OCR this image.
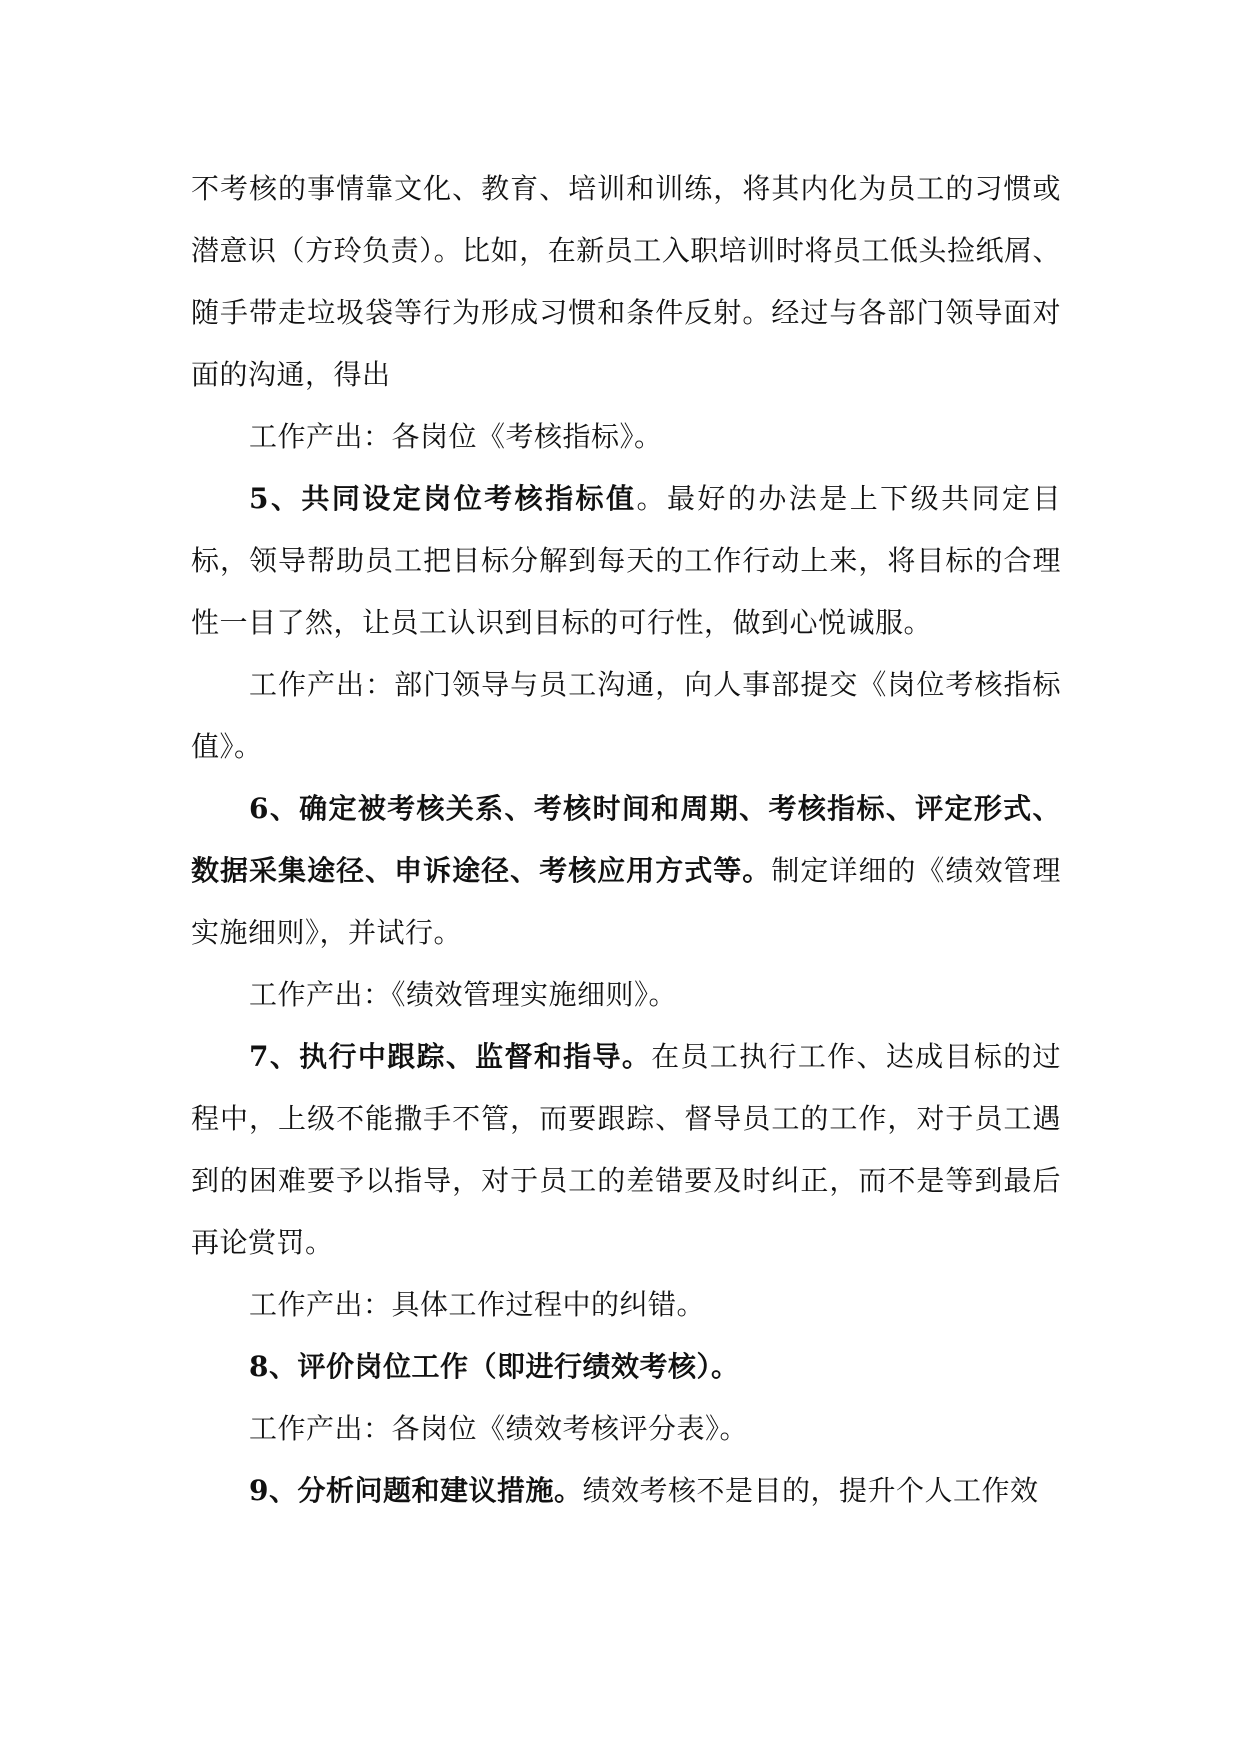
不考核的事情靠文化、教育、培训和训练，将其内化为员工的习惯或潜意识（方玲负责）。比如，在新员工入职培训时将员工低头捡纸屑、随手带走垃圾袋等行为形成习惯和条件反射。经过与各部门领导面对面的沟通，得出

工作产出：各岗位《考核指标》。

5、共同设定岗位考核指标值。最好的办法是上下级共同定目标，领导帮助员工把目标分解到每天的工作行动上来，将目标的合理性一目了然，让员工认识到目标的可行性，做到心悦诚服。

工作产出：部门领导与员工沟通，向人事部提交《岗位考核指标值》。

6、确定被考核关系、考核时间和周期、考核指标、评定形式、数据采集途径、申诉途径、考核应用方式等。制定详细的《绩效管理实施细则》，并试行。

工作产出：《绩效管理实施细则》。

7、执行中跟踪、监督和指导。在员工执行工作、达成目标的过程中，上级不能撒手不管，而要跟踪、督导员工的工作，对于员工遇到的困难要予以指导，对于员工的差错要及时纠正，而不是等到最后再论赏罚。

工作产出：具体工作过程中的纠错。

8、评价岗位工作（即进行绩效考核）。

工作产出：各岗位《绩效考核评分表》。

9、分析问题和建议措施。绩效考核不是目的，提升个人工作效
